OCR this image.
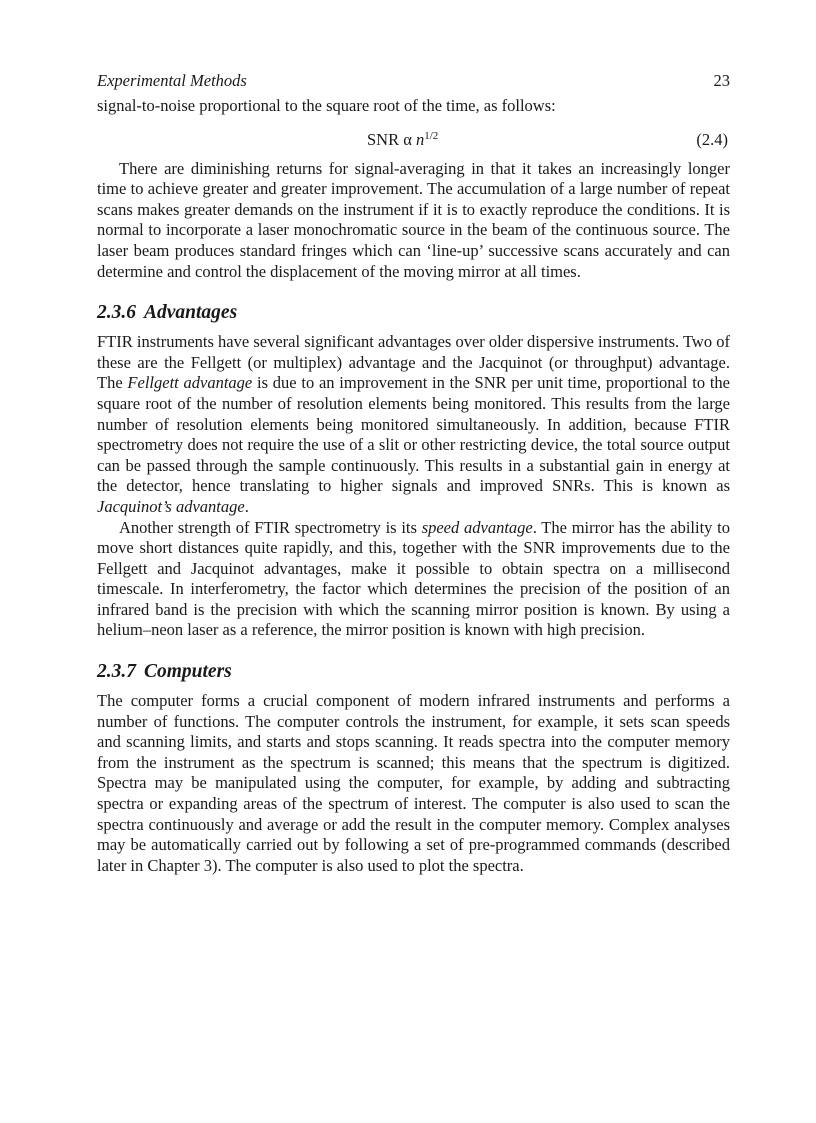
Experimental Methods	23

signal-to-noise proportional to the square root of the time, as follows:

SNR α $n^{1/2}$	(2.4)

There are diminishing returns for signal-averaging in that it takes an increasingly longer time to achieve greater and greater improvement. The accumulation of a large number of repeat scans makes greater demands on the instrument if it is to exactly reproduce the conditions. It is normal to incorporate a laser monochromatic source in the beam of the continuous source. The laser beam produces standard fringes which can ‘line-up’ successive scans accurately and can determine and control the displacement of the moving mirror at all times.

2.3.6 Advantages

FTIR instruments have several significant advantages over older dispersive instruments. Two of these are the Fellgett (or multiplex) advantage and the Jacquinot (or throughput) advantage. The Fellgett advantage is due to an improvement in the SNR per unit time, proportional to the square root of the number of resolution elements being monitored. This results from the large number of resolution elements being monitored simultaneously. In addition, because FTIR spectrometry does not require the use of a slit or other restricting device, the total source output can be passed through the sample continuously. This results in a substantial gain in energy at the detector, hence translating to higher signals and improved SNRs. This is known as Jacquinot’s advantage.

Another strength of FTIR spectrometry is its speed advantage. The mirror has the ability to move short distances quite rapidly, and this, together with the SNR improvements due to the Fellgett and Jacquinot advantages, make it possible to obtain spectra on a millisecond timescale. In interferometry, the factor which determines the precision of the position of an infrared band is the precision with which the scanning mirror position is known. By using a helium–neon laser as a reference, the mirror position is known with high precision.

2.3.7 Computers

The computer forms a crucial component of modern infrared instruments and performs a number of functions. The computer controls the instrument, for example, it sets scan speeds and scanning limits, and starts and stops scanning. It reads spectra into the computer memory from the instrument as the spectrum is scanned; this means that the spectrum is digitized. Spectra may be manipulated using the computer, for example, by adding and subtracting spectra or expanding areas of the spectrum of interest. The computer is also used to scan the spectra continuously and average or add the result in the computer memory. Complex analyses may be automatically carried out by following a set of pre-programmed commands (described later in Chapter 3). The computer is also used to plot the spectra.
